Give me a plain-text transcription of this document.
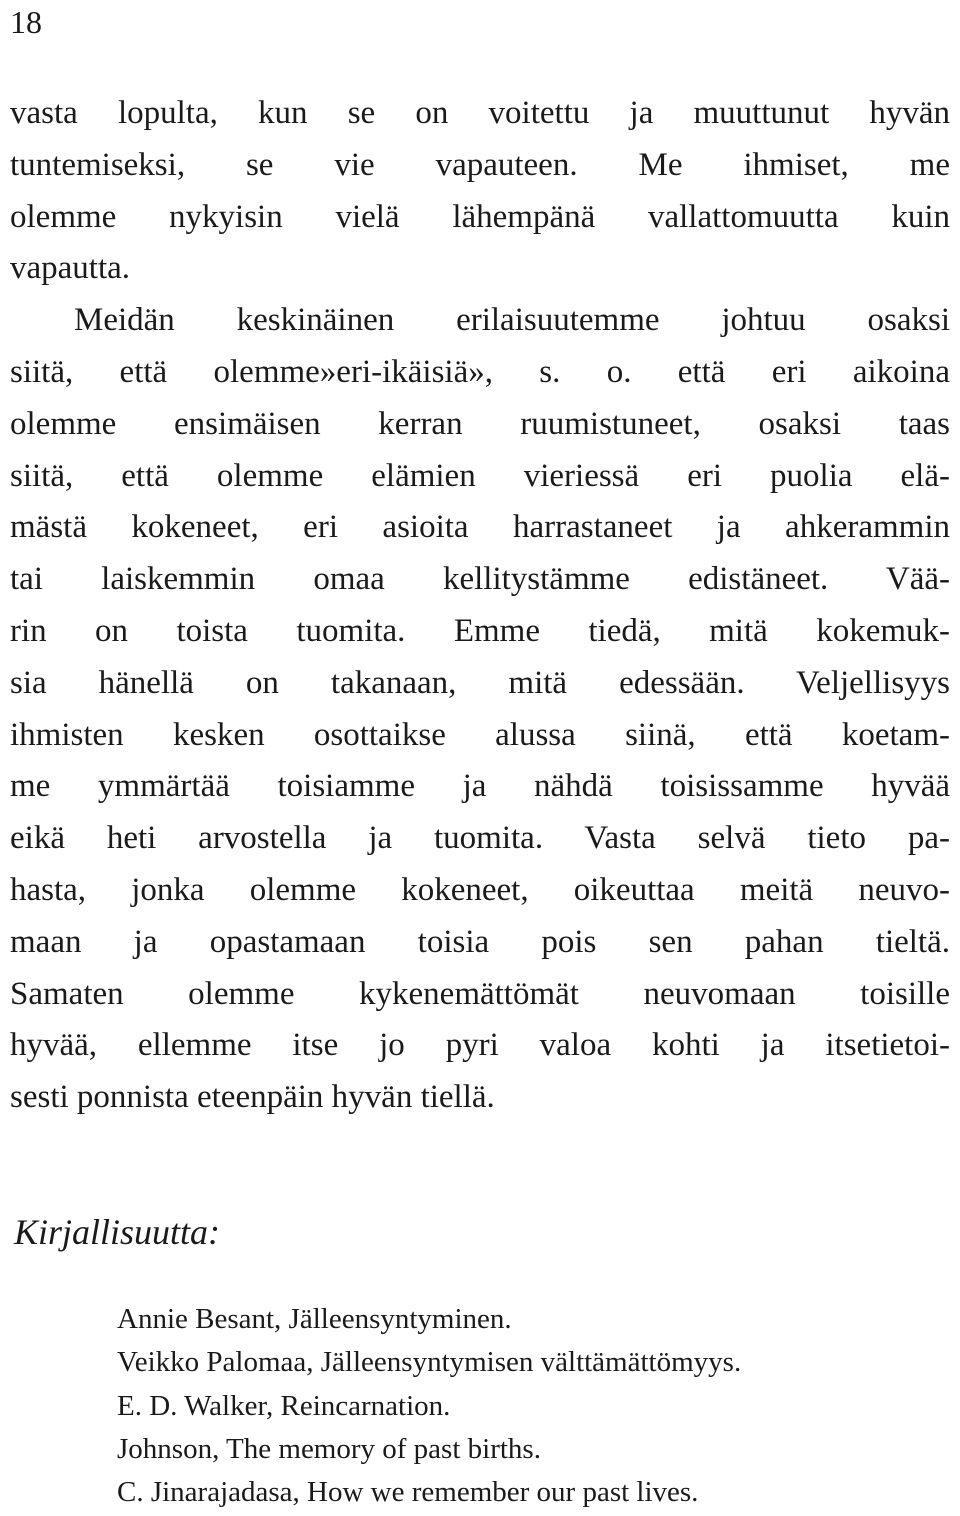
18
vasta lopulta, kun se on voitettu ja muuttunut hyvän
tuntemiseksi, se vie vapauteen. Me ihmiset, me
olemme nykyisin vielä lähempänä vallattomuutta kuin
vapautta.
Meidän keskinäinen erilaisuutemme johtuu osaksi
siitä, että olemme»eri-ikäisiä», s. o. että eri aikoina
olemme ensimäisen kerran ruumistuneet, osaksi taas
siitä, että olemme elämien vieriessä eri puolia elä-
mästä kokeneet, eri asioita harrastaneet ja ahkerammin
tai laiskemmin omaa kellitystämme edistäneet. Vää-
rin on toista tuomita. Emme tiedä, mitä kokemuk-
sia hänellä on takanaan, mitä edessään. Veljellisyys
ihmisten kesken osottaikse alussa siinä, että koetam-
me ymmärtää toisiamme ja nähdä toisissamme hyvää
eikä heti arvostella ja tuomita. Vasta selvä tieto pa-
hasta, jonka olemme kokeneet, oikeuttaa meitä neuvo-
maan ja opastamaan toisia pois sen pahan tieltä.
Samaten olemme kykenemättömät neuvomaan toisille
hyvää, ellemme itse jo pyri valoa kohti ja itsetietoi-
sesti ponnista eteenpäin hyvän tiellä.
Kirjallisuutta:
Annie Besant, Jälleensyntyminen.
Veikko Palomaa, Jälleensyntymisen välttämättömyys.
E. D. Walker, Reincarnation.
Johnson, The memory of past births.
C. Jinarajadasa, How we remember our past lives.
